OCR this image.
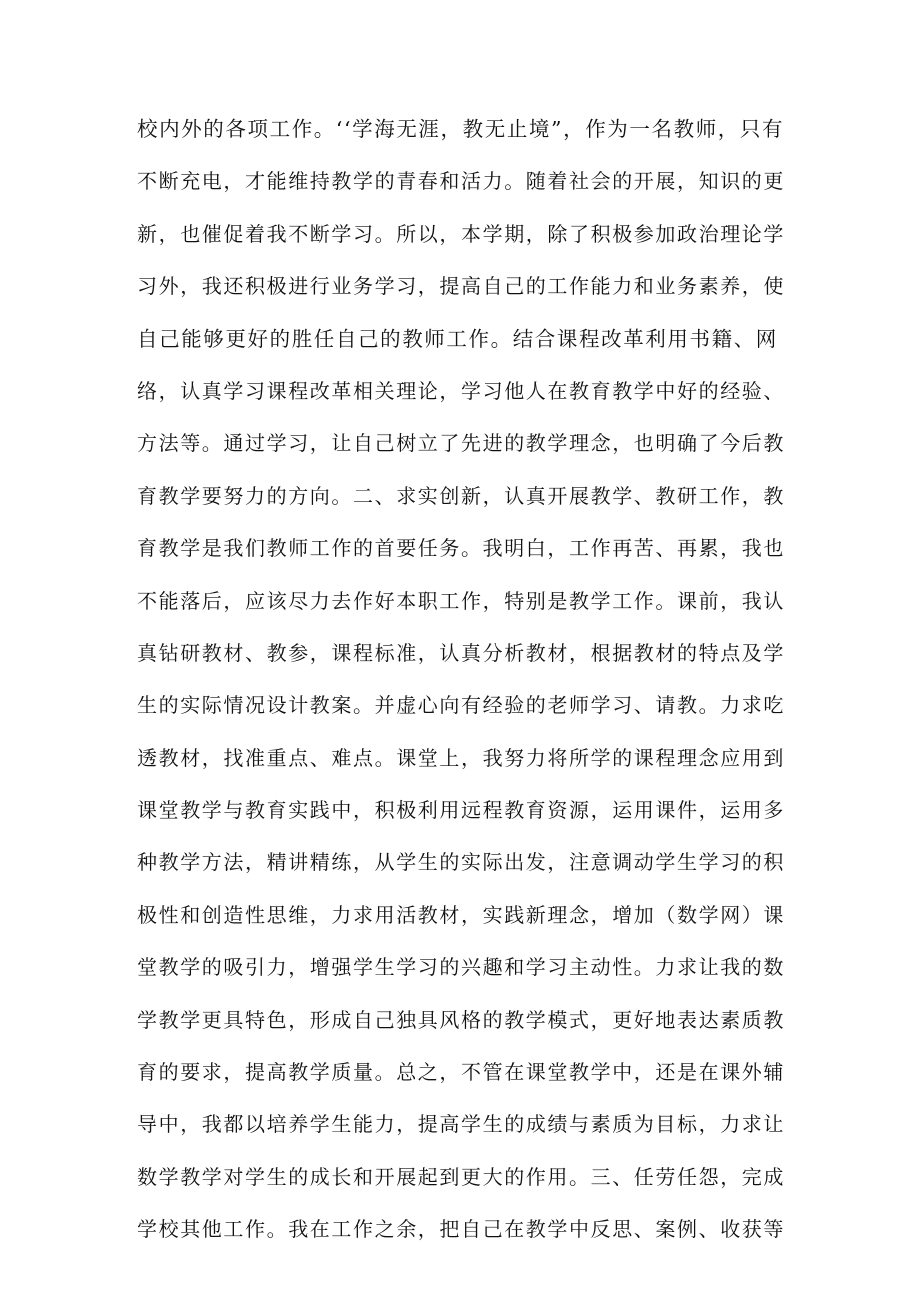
校内外的各项工作。‘‘学海无涯，教无止境”，作为一名教师，只有
不断充电，才能维持教学的青春和活力。随着社会的开展，知识的更
新，也催促着我不断学习。所以，本学期，除了积极参加政治理论学
习外，我还积极进行业务学习，提高自己的工作能力和业务素养，使
自己能够更好的胜任自己的教师工作。结合课程改革利用书籍、网
络，认真学习课程改革相关理论，学习他人在教育教学中好的经验、
方法等。通过学习，让自己树立了先进的教学理念，也明确了今后教
育教学要努力的方向。二、求实创新，认真开展教学、教研工作，教
育教学是我们教师工作的首要任务。我明白，工作再苦、再累，我也
不能落后，应该尽力去作好本职工作，特别是教学工作。课前，我认
真钻研教材、教参，课程标准，认真分析教材，根据教材的特点及学
生的实际情况设计教案。并虚心向有经验的老师学习、请教。力求吃
透教材，找准重点、难点。课堂上，我努力将所学的课程理念应用到
课堂教学与教育实践中，积极利用远程教育资源，运用课件，运用多
种教学方法，精讲精练，从学生的实际出发，注意调动学生学习的积
极性和创造性思维，力求用活教材，实践新理念，增加（数学网）课
堂教学的吸引力，增强学生学习的兴趣和学习主动性。力求让我的数
学教学更具特色，形成自己独具风格的教学模式，更好地表达素质教
育的要求，提高教学质量。总之，不管在课堂教学中，还是在课外辅
导中，我都以培养学生能力，提高学生的成绩与素质为目标，力求让
数学教学对学生的成长和开展起到更大的作用。三、任劳任怨，完成
学校其他工作。我在工作之余，把自己在教学中反思、案例、收获等
